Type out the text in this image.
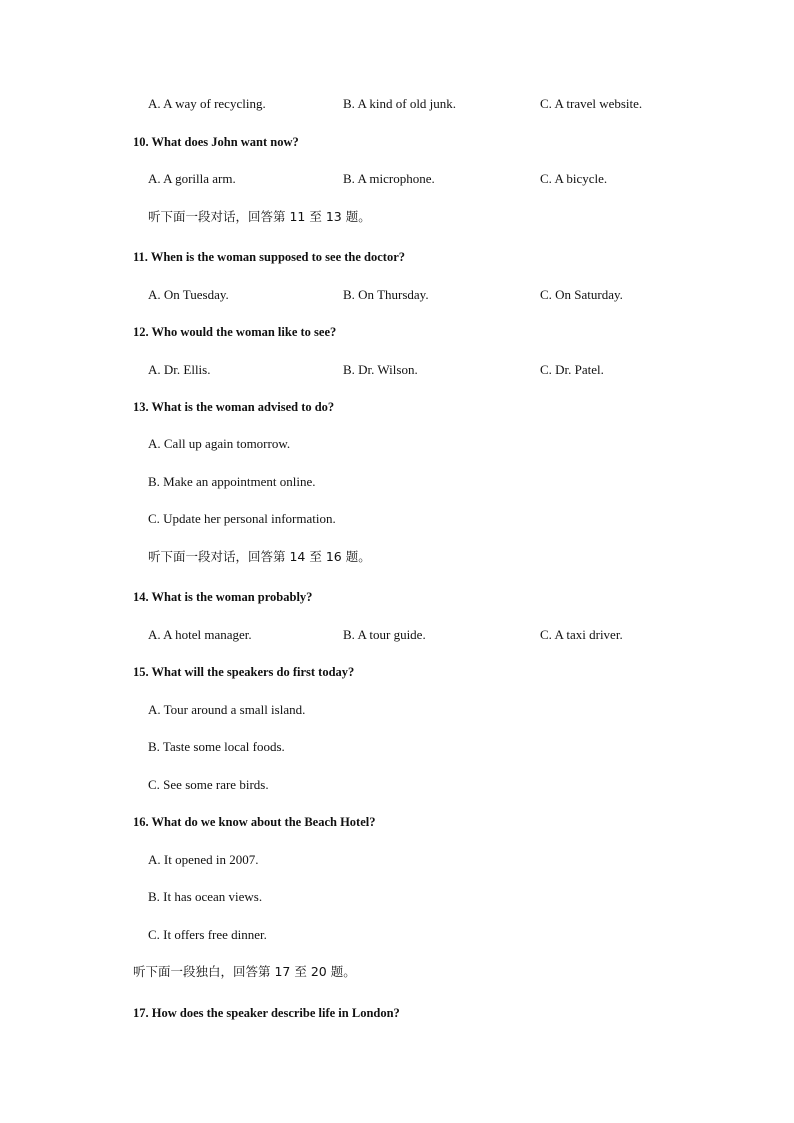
A. A way of recycling.	B. A kind of old junk.	C. A travel website.
10. What does John want now?
A. A gorilla arm.	B. A microphone.	C. A bicycle.
听下面一段对话，回答第 11 至 13 题。
11. When is the woman supposed to see the doctor?
A. On Tuesday.	B. On Thursday.	C. On Saturday.
12. Who would the woman like to see?
A. Dr. Ellis.	B. Dr. Wilson.	C. Dr. Patel.
13. What is the woman advised to do?
A. Call up again tomorrow.
B. Make an appointment online.
C. Update her personal information.
听下面一段对话，回答第 14 至 16 题。
14. What is the woman probably?
A. A hotel manager.	B. A tour guide.	C. A taxi driver.
15. What will the speakers do first today?
A. Tour around a small island.
B. Taste some local foods.
C. See some rare birds.
16. What do we know about the Beach Hotel?
A. It opened in 2007.
B. It has ocean views.
C. It offers free dinner.
听下面一段独白，回答第 17 至 20 题。
17. How does the speaker describe life in London?
